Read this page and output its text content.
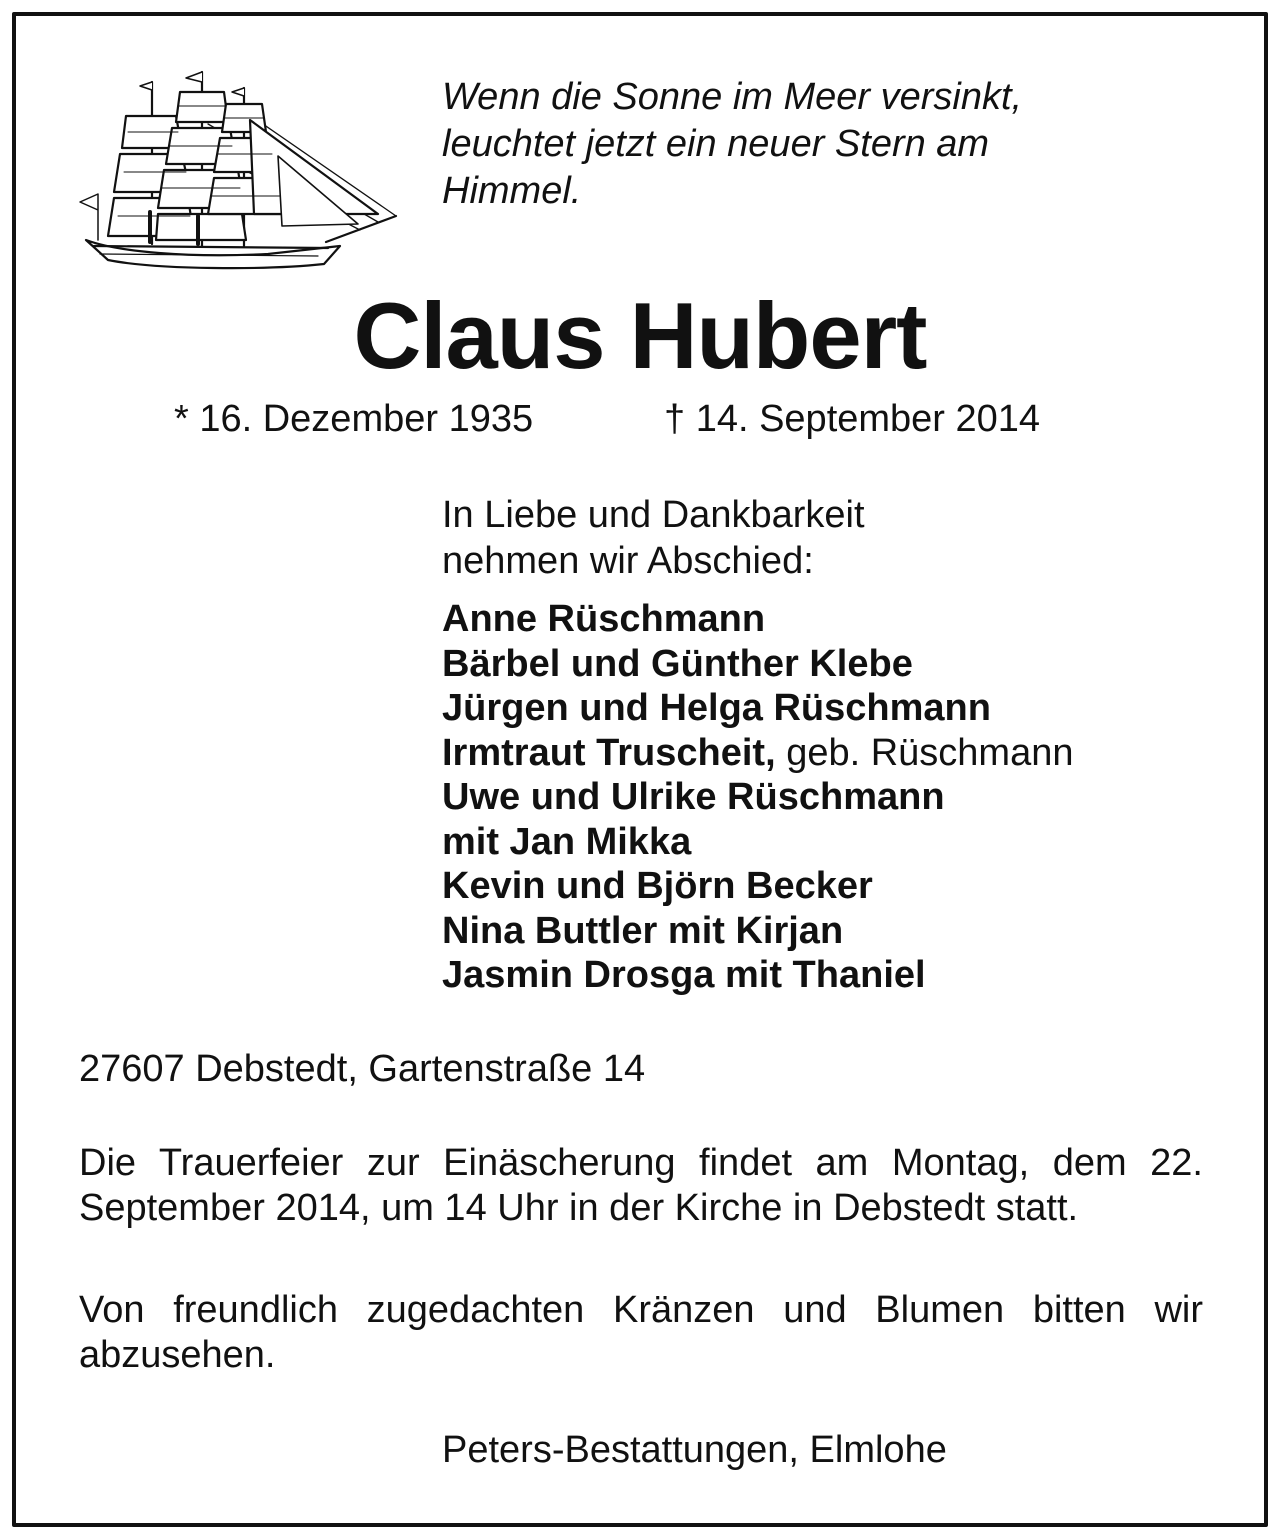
Wenn die Sonne im Meer versinkt,
leuchtet jetzt ein neuer Stern am
Himmel.
Claus Hubert
* 16. Dezember 1935	† 14. September 2014
In Liebe und Dankbarkeit
nehmen wir Abschied:
Anne Rüschmann
Bärbel und Günther Klebe
Jürgen und Helga Rüschmann
Irmtraut Truscheit, geb. Rüschmann
Uwe und Ulrike Rüschmann
mit Jan Mikka
Kevin und Björn Becker
Nina Buttler mit Kirjan
Jasmin Drosga mit Thaniel
27607 Debstedt, Gartenstraße 14
Die Trauerfeier zur Einäscherung findet am Montag, dem 22. September 2014, um 14 Uhr in der Kirche in Debstedt statt.
Von freundlich zugedachten Kränzen und Blumen bitten wir abzusehen.
Peters-Bestattungen, Elmlohe
